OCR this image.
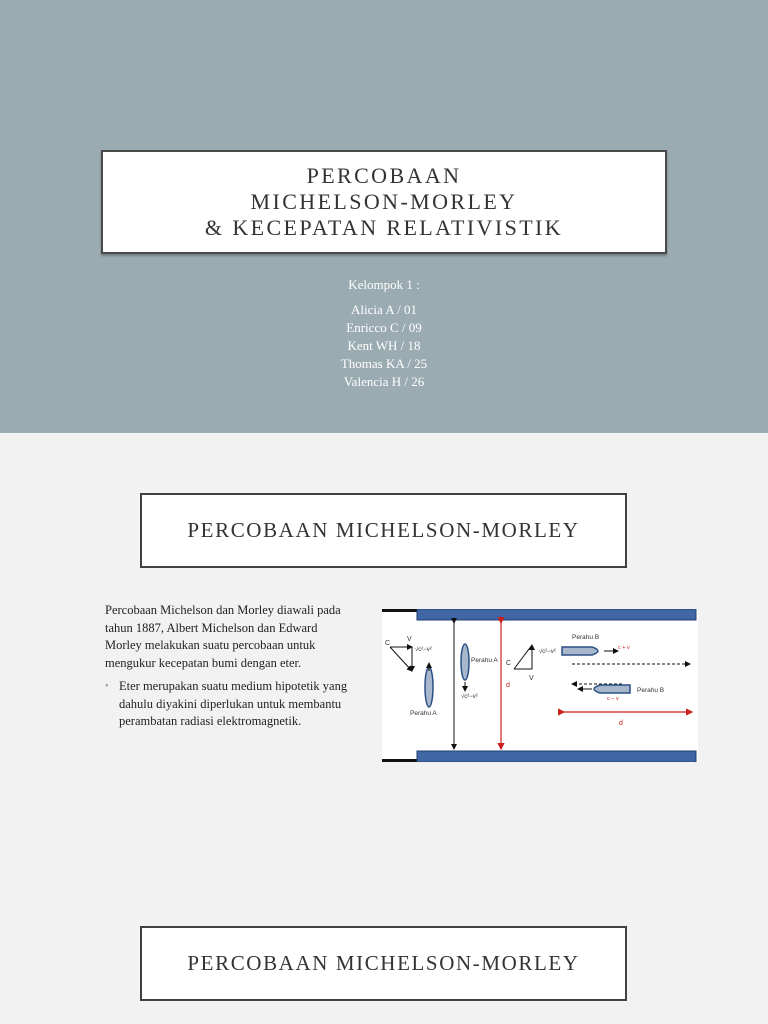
PERCOBAAN
MICHELSON-MORLEY
& KECEPATAN RELATIVISTIK
Kelompok 1 :
Alicia A / 01
Enricco C / 09
Kent WH / 18
Thomas KA / 25
Valencia H / 26
PERCOBAAN MICHELSON-MORLEY

Percobaan Michelson dan Morley diawali pada tahun 1887, Albert Michelson dan Edward Morley melakukan suatu percobaan untuk mengukur kecepatan bumi dengan eter.

• Eter merupakan suatu medium hipotetik yang dahulu diyakini diperlukan untuk membantu perambatan radiasi elektromagnetik.
C
V
√c²−v²
Perahu A
Perahu A
√c²−v²
d
C
V
√c²−v²
Perahu B
c + v
Perahu B
c − v
d
PERCOBAAN MICHELSON-MORLEY
